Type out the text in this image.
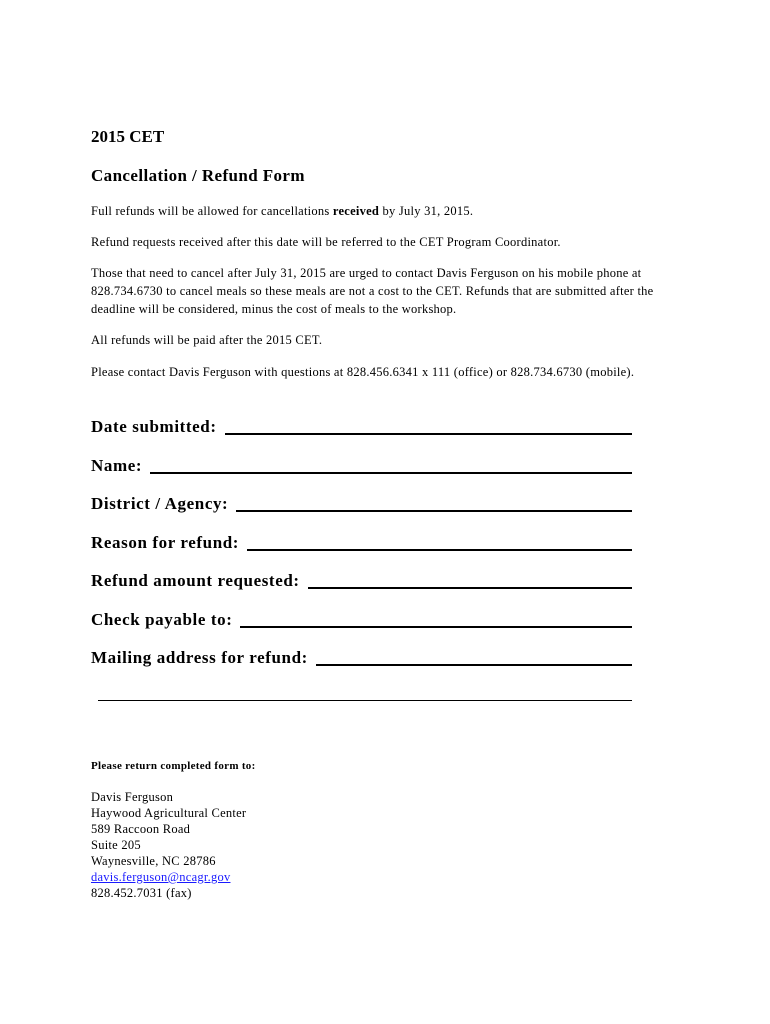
2015 CET
Cancellation / Refund Form
Full refunds will be allowed for cancellations received by July 31, 2015.
Refund requests received after this date will be referred to the CET Program Coordinator.
Those that need to cancel after July 31, 2015 are urged to contact Davis Ferguson on his mobile phone at 828.734.6730 to cancel meals so these meals are not a cost to the CET. Refunds that are submitted after the deadline will be considered, minus the cost of meals to the workshop.
All refunds will be paid after the 2015 CET.
Please contact Davis Ferguson with questions at 828.456.6341 x 111 (office) or 828.734.6730 (mobile).
Date submitted:
Name:
District / Agency:
Reason for refund:
Refund amount requested:
Check payable to:
Mailing address for refund:
Please return completed form to:
Davis Ferguson
Haywood Agricultural Center
589 Raccoon Road
Suite 205
Waynesville, NC 28786
davis.ferguson@ncagr.gov
828.452.7031 (fax)
